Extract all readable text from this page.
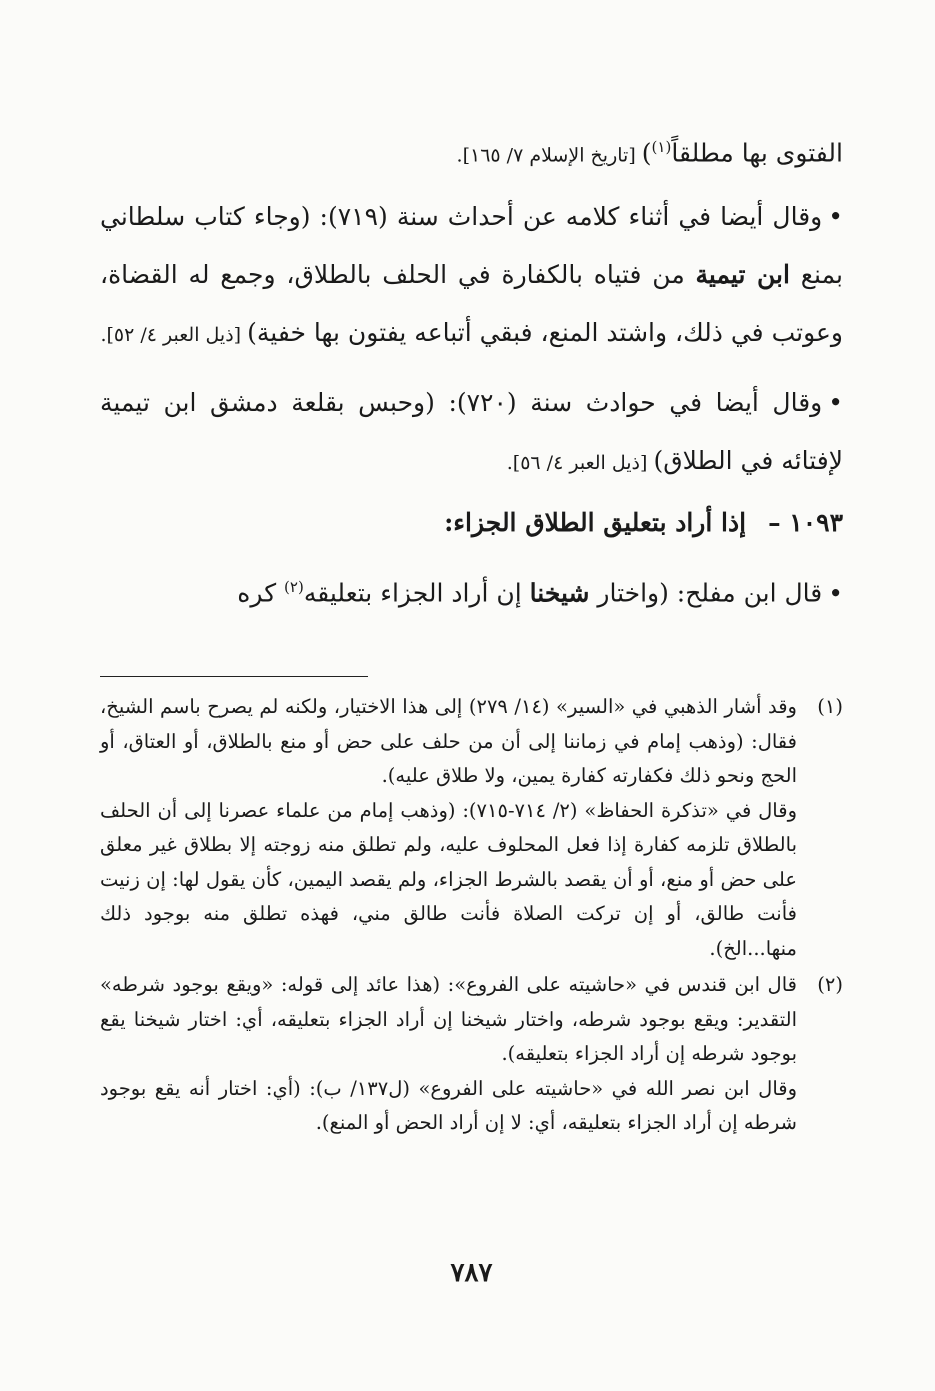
الفتوى بها مطلقاً$^{(١)}$) [تاريخ الإسلام ٧/ ١٦٥].

•وقال أيضا في أثناء كلامه عن أحداث سنة (٧١٩): (وجاء كتاب سلطاني بمنع ابن تيمية من فتياه بالكفارة في الحلف بالطلاق، وجمع له القضاة، وعوتب في ذلك، واشتد المنع، فبقي أتباعه يفتون بها خفية) [ذيل العبر ٤/ ٥٢].

•وقال أيضا في حوادث سنة (٧٢٠): (وحبس بقلعة دمشق ابن تيمية لإفتائه في الطلاق) [ذيل العبر ٤/ ٥٦].

١٠٩٣ –إذا أراد بتعليق الطلاق الجزاء:

•قال ابن مفلح: (واختار شيخنا إن أراد الجزاء بتعليقه$^{(٢)}$ كره

(١)

وقد أشار الذهبي في «السير» (١٤/ ٢٧٩) إلى هذا الاختيار، ولكنه لم يصرح باسم الشيخ، فقال: (وذهب إمام في زماننا إلى أن من حلف على حض أو منع بالطلاق، أو العتاق، أو الحج ونحو ذلك فكفارته كفارة يمين، ولا طلاق عليه).

وقال في «تذكرة الحفاظ» (٢/ ٧١٤-٧١٥): (وذهب إمام من علماء عصرنا إلى أن الحلف بالطلاق تلزمه كفارة إذا فعل المحلوف عليه، ولم تطلق منه زوجته إلا بطلاق غير معلق على حض أو منع، أو أن يقصد بالشرط الجزاء، ولم يقصد اليمين، كأن يقول لها: إن زنيت فأنت طالق، أو إن تركت الصلاة فأنت طالق مني، فهذه تطلق منه بوجود ذلك منها...الخ).

(٢)

قال ابن قندس في «حاشيته على الفروع»: (هذا عائد إلى قوله: «ويقع بوجود شرطه» التقدير: ويقع بوجود شرطه، واختار شيخنا إن أراد الجزاء بتعليقه، أي: اختار شيخنا يقع بوجود شرطه إن أراد الجزاء بتعليقه).

وقال ابن نصر الله في «حاشيته على الفروع» (ل١٣٧/ ب): (أي: اختار أنه يقع بوجود شرطه إن أراد الجزاء بتعليقه، أي: لا إن أراد الحض أو المنع).

٧٨٧
